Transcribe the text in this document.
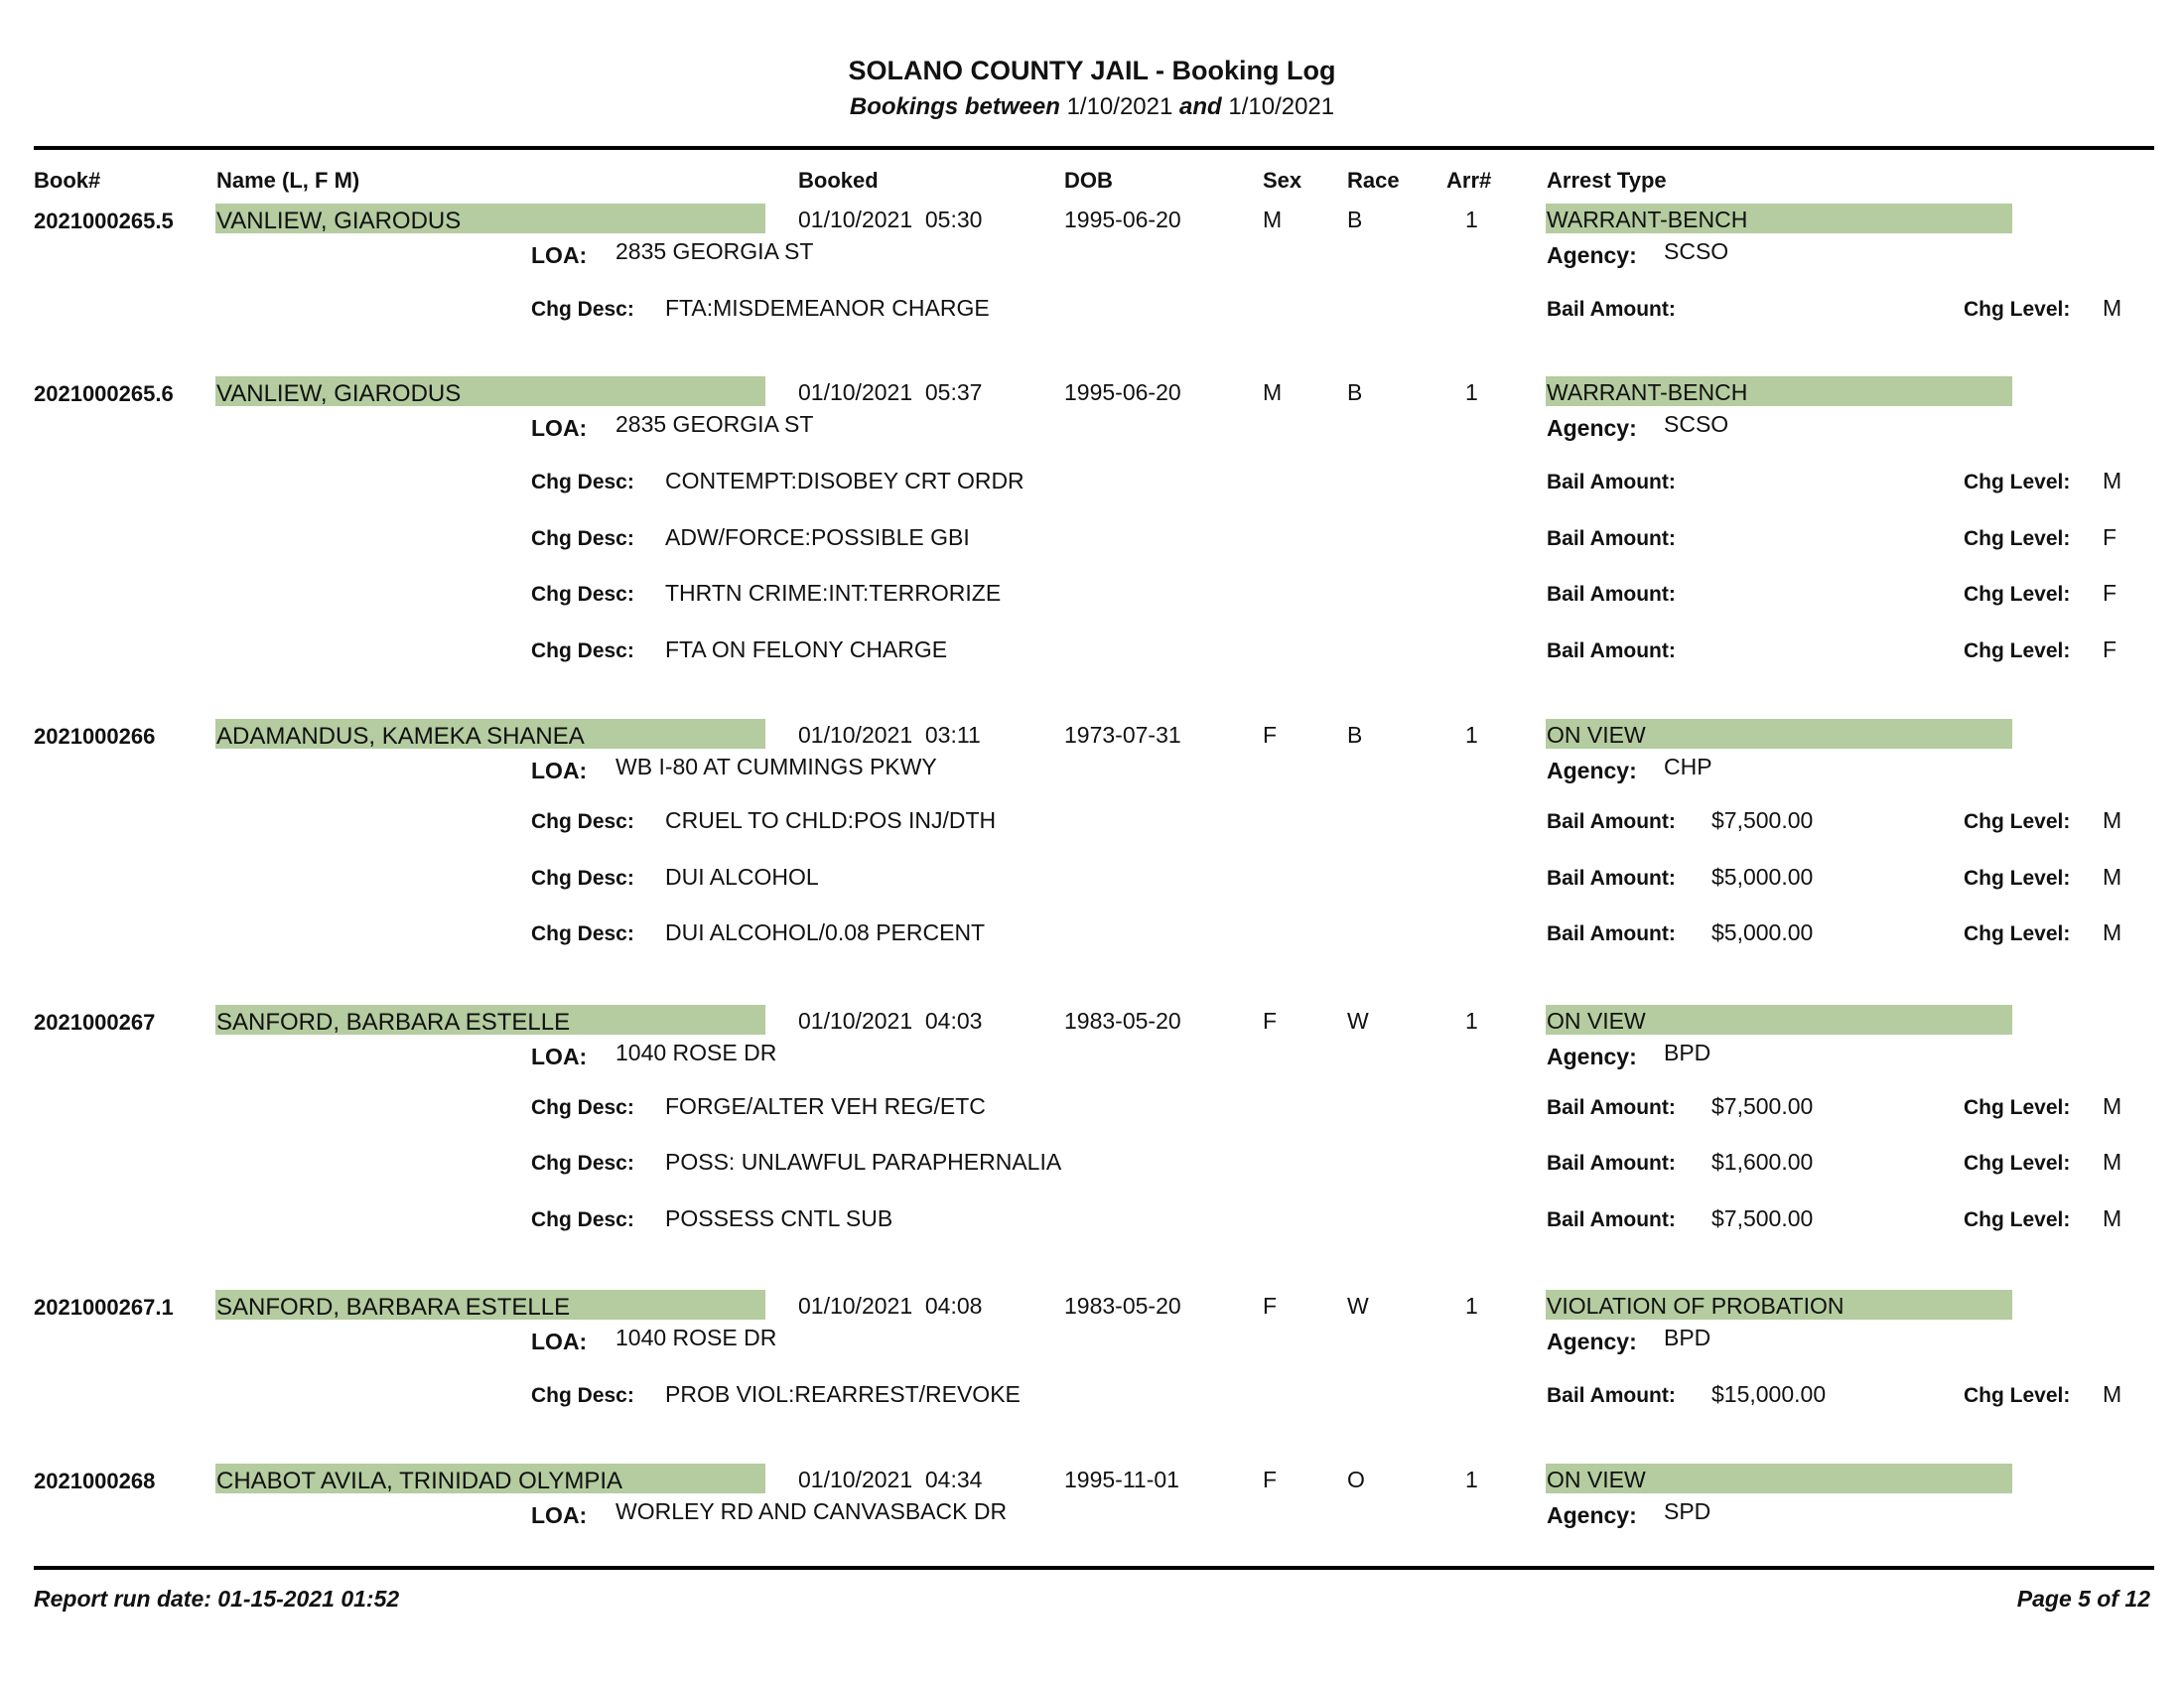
SOLANO COUNTY JAIL - Booking Log
Bookings between 1/10/2021 and 1/10/2021
Book#	Name (L, F M)	Booked	DOB	Sex Race Arr#	Arrest Type
2021000265.5 VANLIEW, GIARODUS	01/10/2021  05:30	1995-06-20	M	B	1	WARRANT-BENCH
LOA: 2835 GEORGIA ST	Agency: SCSO
Chg Desc: FTA:MISDEMEANOR CHARGE	Bail Amount:	Chg Level: M
2021000265.6 VANLIEW, GIARODUS	01/10/2021  05:37	1995-06-20	M	B	1	WARRANT-BENCH
LOA: 2835 GEORGIA ST	Agency: SCSO
Chg Desc: CONTEMPT:DISOBEY CRT ORDR	Bail Amount:	Chg Level: M
Chg Desc: ADW/FORCE:POSSIBLE GBI	Bail Amount:	Chg Level: F
Chg Desc: THRTN CRIME:INT:TERRORIZE	Bail Amount:	Chg Level: F
Chg Desc: FTA ON FELONY CHARGE	Bail Amount:	Chg Level: F
2021000266	ADAMANDUS, KAMEKA SHANEA	01/10/2021  03:11	1973-07-31	F	B	1	ON VIEW
LOA: WB I-80 AT CUMMINGS PKWY	Agency: CHP
Chg Desc: CRUEL TO CHLD:POS INJ/DTH	Bail Amount: $7,500.00	Chg Level: M
Chg Desc: DUI ALCOHOL	Bail Amount: $5,000.00	Chg Level: M
Chg Desc: DUI ALCOHOL/0.08 PERCENT	Bail Amount: $5,000.00	Chg Level: M
2021000267	SANFORD, BARBARA ESTELLE	01/10/2021  04:03	1983-05-20	F	W	1	ON VIEW
LOA: 1040 ROSE DR	Agency: BPD
Chg Desc: FORGE/ALTER VEH REG/ETC	Bail Amount: $7,500.00	Chg Level: M
Chg Desc: POSS: UNLAWFUL PARAPHERNALIA	Bail Amount: $1,600.00	Chg Level: M
Chg Desc: POSSESS CNTL SUB	Bail Amount: $7,500.00	Chg Level: M
2021000267.1 SANFORD, BARBARA ESTELLE	01/10/2021  04:08	1983-05-20	F	W	1	VIOLATION OF PROBATION
LOA: 1040 ROSE DR	Agency: BPD
Chg Desc: PROB VIOL:REARREST/REVOKE	Bail Amount: $15,000.00	Chg Level: M
2021000268	CHABOT AVILA, TRINIDAD OLYMPIA	01/10/2021  04:34	1995-11-01	F	O	1	ON VIEW
LOA: WORLEY RD AND CANVASBACK DR	Agency: SPD
Report run date: 01-15-2021 01:52	Page 5 of 12
